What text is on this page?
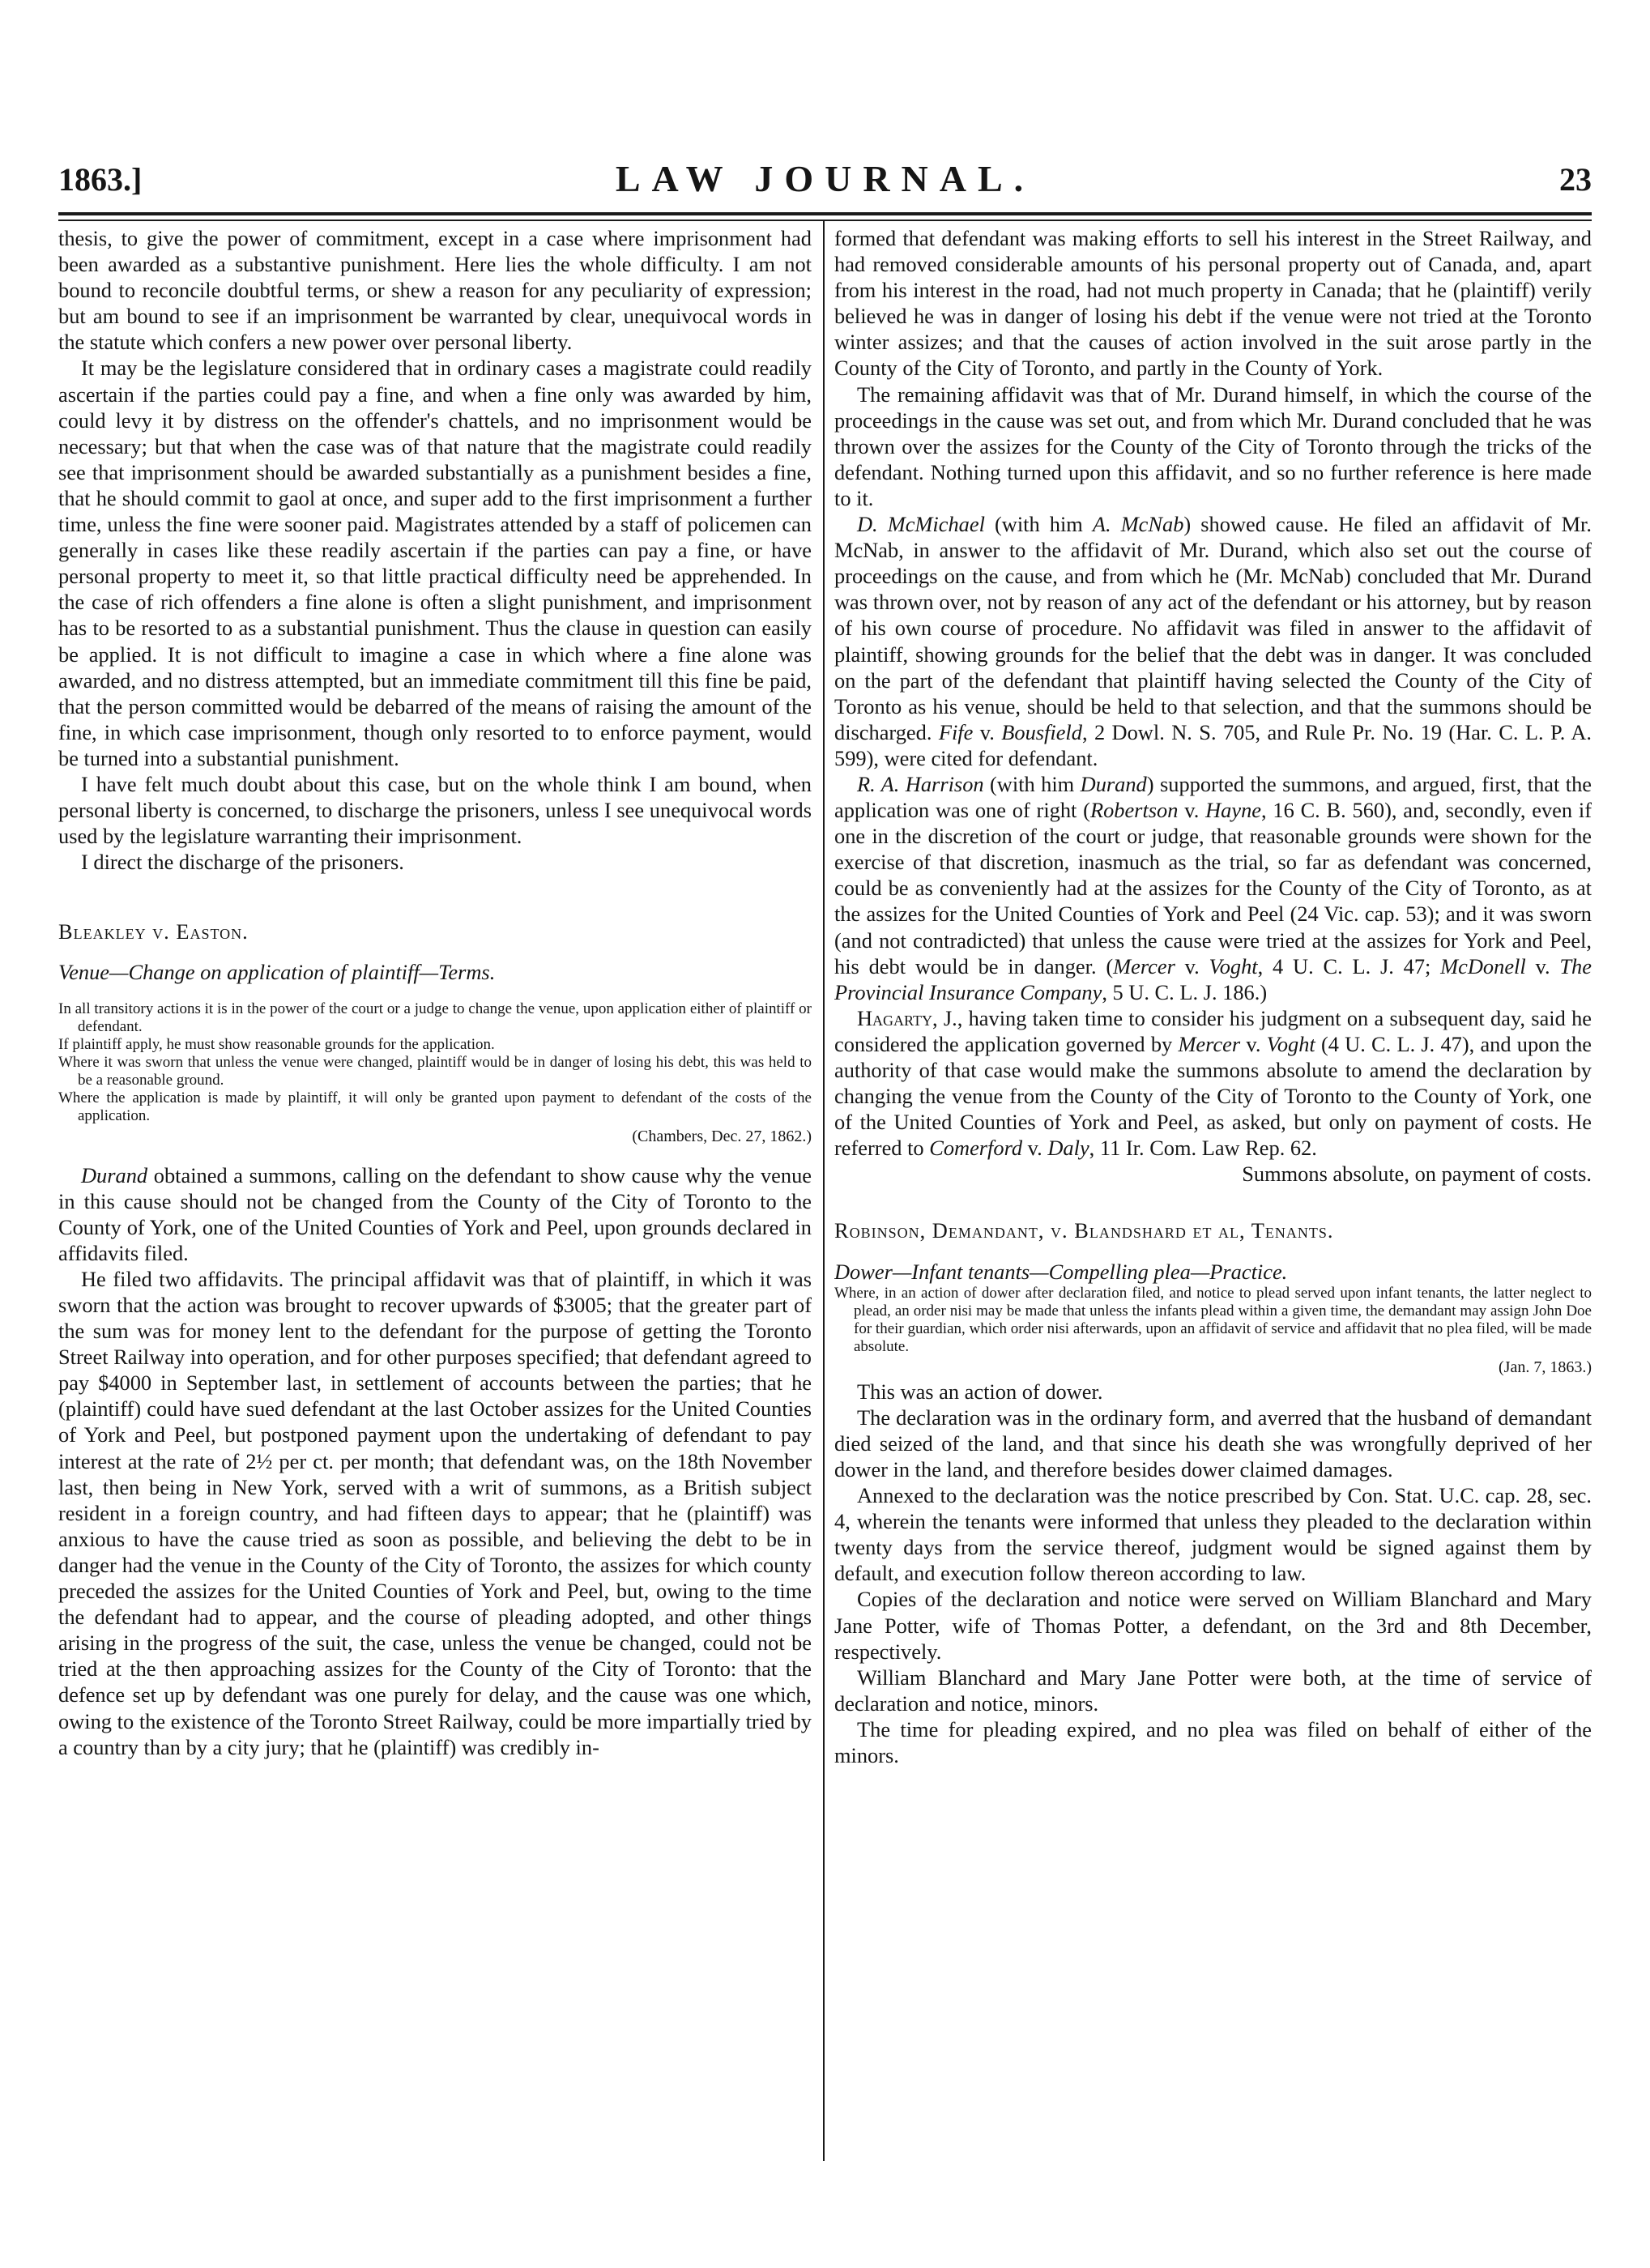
1863.]	LAW JOURNAL.	23

thesis, to give the power of commitment, except in a case where imprisonment had been awarded as a substantive punishment. Here lies the whole difficulty. I am not bound to reconcile doubtful terms, or shew a reason for any peculiarity of expression; but am bound to see if an imprisonment be warranted by clear, unequivocal words in the statute which confers a new power over personal liberty.

It may be the legislature considered that in ordinary cases a magistrate could readily ascertain if the parties could pay a fine, and when a fine only was awarded by him, could levy it by distress on the offender's chattels, and no imprisonment would be necessary; but that when the case was of that nature that the magistrate could readily see that imprisonment should be awarded substantially as a punishment besides a fine, that he should commit to gaol at once, and super add to the first imprisonment a further time, unless the fine were sooner paid. Magistrates attended by a staff of policemen can generally in cases like these readily ascertain if the parties can pay a fine, or have personal property to meet it, so that little practical difficulty need be apprehended. In the case of rich offenders a fine alone is often a slight punishment, and imprisonment has to be resorted to as a substantial punishment. Thus the clause in question can easily be applied. It is not difficult to imagine a case in which where a fine alone was awarded, and no distress attempted, but an immediate commitment till this fine be paid, that the person committed would be debarred of the means of raising the amount of the fine, in which case imprisonment, though only resorted to to enforce payment, would be turned into a substantial punishment.

I have felt much doubt about this case, but on the whole think I am bound, when personal liberty is concerned, to discharge the prisoners, unless I see unequivocal words used by the legislature warranting their imprisonment.

I direct the discharge of the prisoners.

Bleakley v. Easton.

Venue—Change on application of plaintiff—Terms.

In all transitory actions it is in the power of the court or a judge to change the venue, upon application either of plaintiff or defendant.

If plaintiff apply, he must show reasonable grounds for the application.

Where it was sworn that unless the venue were changed, plaintiff would be in danger of losing his debt, this was held to be a reasonable ground.

Where the application is made by plaintiff, it will only be granted upon payment to defendant of the costs of the application.

(Chambers, Dec. 27, 1862.)

Durand obtained a summons, calling on the defendant to show cause why the venue in this cause should not be changed from the County of the City of Toronto to the County of York, one of the United Counties of York and Peel, upon grounds declared in affidavits filed.

He filed two affidavits. The principal affidavit was that of plaintiff, in which it was sworn that the action was brought to recover upwards of $3005; that the greater part of the sum was for money lent to the defendant for the purpose of getting the Toronto Street Railway into operation, and for other purposes specified; that defendant agreed to pay $4000 in September last, in settlement of accounts between the parties; that he (plaintiff) could have sued defendant at the last October assizes for the United Counties of York and Peel, but postponed payment upon the undertaking of defendant to pay interest at the rate of 2½ per ct. per month; that defendant was, on the 18th November last, then being in New York, served with a writ of summons, as a British subject resident in a foreign country, and had fifteen days to appear; that he (plaintiff) was anxious to have the cause tried as soon as possible, and believing the debt to be in danger had the venue in the County of the City of Toronto, the assizes for which county preceded the assizes for the United Counties of York and Peel, but, owing to the time the defendant had to appear, and the course of pleading adopted, and other things arising in the progress of the suit, the case, unless the venue be changed, could not be tried at the then approaching assizes for the County of the City of Toronto: that the defence set up by defendant was one purely for delay, and the cause was one which, owing to the existence of the Toronto Street Railway, could be more impartially tried by a country than by a city jury; that he (plaintiff) was credibly in-

formed that defendant was making efforts to sell his interest in the Street Railway, and had removed considerable amounts of his personal property out of Canada, and, apart from his interest in the road, had not much property in Canada; that he (plaintiff) verily believed he was in danger of losing his debt if the venue were not tried at the Toronto winter assizes; and that the causes of action involved in the suit arose partly in the County of the City of Toronto, and partly in the County of York.

The remaining affidavit was that of Mr. Durand himself, in which the course of the proceedings in the cause was set out, and from which Mr. Durand concluded that he was thrown over the assizes for the County of the City of Toronto through the tricks of the defendant. Nothing turned upon this affidavit, and so no further reference is here made to it.

D. McMichael (with him A. McNab) showed cause. He filed an affidavit of Mr. McNab, in answer to the affidavit of Mr. Durand, which also set out the course of proceedings on the cause, and from which he (Mr. McNab) concluded that Mr. Durand was thrown over, not by reason of any act of the defendant or his attorney, but by reason of his own course of procedure. No affidavit was filed in answer to the affidavit of plaintiff, showing grounds for the belief that the debt was in danger. It was concluded on the part of the defendant that plaintiff having selected the County of the City of Toronto as his venue, should be held to that selection, and that the summons should be discharged. Fife v. Bousfield, 2 Dowl. N. S. 705, and Rule Pr. No. 19 (Har. C. L. P. A. 599), were cited for defendant.

R. A. Harrison (with him Durand) supported the summons, and argued, first, that the application was one of right (Robertson v. Hayne, 16 C. B. 560), and, secondly, even if one in the discretion of the court or judge, that reasonable grounds were shown for the exercise of that discretion, inasmuch as the trial, so far as defendant was concerned, could be as conveniently had at the assizes for the County of the City of Toronto, as at the assizes for the United Counties of York and Peel (24 Vic. cap. 53); and it was sworn (and not contradicted) that unless the cause were tried at the assizes for York and Peel, his debt would be in danger. (Mercer v. Voght, 4 U. C. L. J. 47; McDonell v. The Provincial Insurance Company, 5 U. C. L. J. 186.)

Hagarty, J., having taken time to consider his judgment on a subsequent day, said he considered the application governed by Mercer v. Voght (4 U. C. L. J. 47), and upon the authority of that case would make the summons absolute to amend the declaration by changing the venue from the County of the City of Toronto to the County of York, one of the United Counties of York and Peel, as asked, but only on payment of costs. He referred to Comerford v. Daly, 11 Ir. Com. Law Rep. 62.

Summons absolute, on payment of costs.

Robinson, Demandant, v. Blandshard et al, Tenants.

Dower—Infant tenants—Compelling plea—Practice.

Where, in an action of dower after declaration filed, and notice to plead served upon infant tenants, the latter neglect to plead, an order nisi may be made that unless the infants plead within a given time, the demandant may assign John Doe for their guardian, which order nisi afterwards, upon an affidavit of service and affidavit that no plea filed, will be made absolute.

(Jan. 7, 1863.)

This was an action of dower.

The declaration was in the ordinary form, and averred that the husband of demandant died seized of the land, and that since his death she was wrongfully deprived of her dower in the land, and therefore besides dower claimed damages.

Annexed to the declaration was the notice prescribed by Con. Stat. U.C. cap. 28, sec. 4, wherein the tenants were informed that unless they pleaded to the declaration within twenty days from the service thereof, judgment would be signed against them by default, and execution follow thereon according to law.

Copies of the declaration and notice were served on William Blanchard and Mary Jane Potter, wife of Thomas Potter, a defendant, on the 3rd and 8th December, respectively.

William Blanchard and Mary Jane Potter were both, at the time of service of declaration and notice, minors.

The time for pleading expired, and no plea was filed on behalf of either of the minors.
